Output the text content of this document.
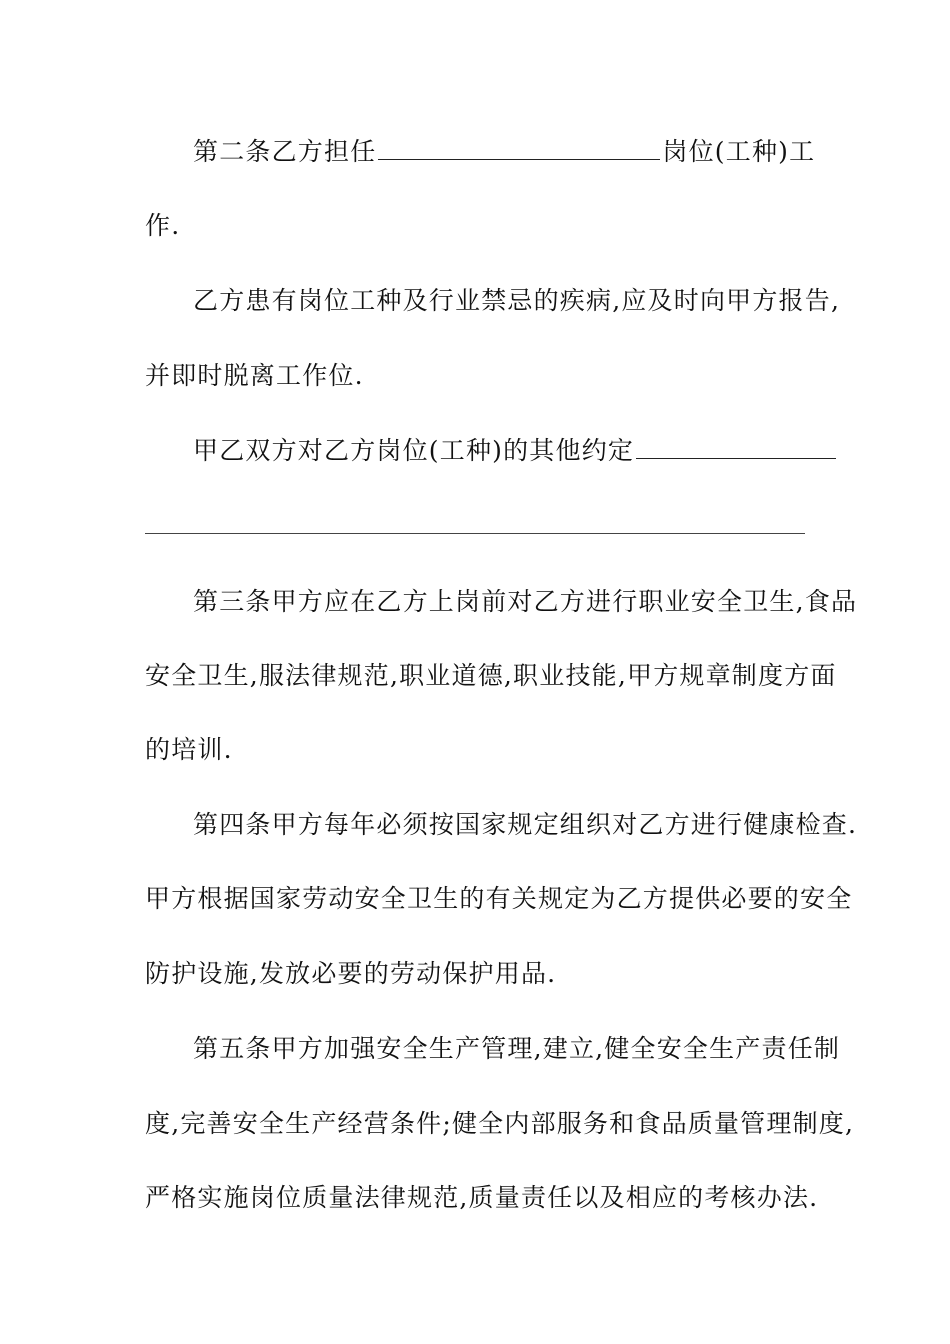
第二条乙方担任	岗位(工种)工
作.
乙方患有岗位工种及行业禁忌的疾病,应及时向甲方报告,
并即时脱离工作位.
甲乙双方对乙方岗位(工种)的其他约定
第三条甲方应在乙方上岗前对乙方进行职业安全卫生,食品
安全卫生,服法律规范,职业道德,职业技能,甲方规章制度方面
的培训.
第四条甲方每年必须按国家规定组织对乙方进行健康检查.
甲方根据国家劳动安全卫生的有关规定为乙方提供必要的安全
防护设施,发放必要的劳动保护用品.
第五条甲方加强安全生产管理,建立,健全安全生产责任制
度,完善安全生产经营条件;健全内部服务和食品质量管理制度,
严格实施岗位质量法律规范,质量责任以及相应的考核办法.
